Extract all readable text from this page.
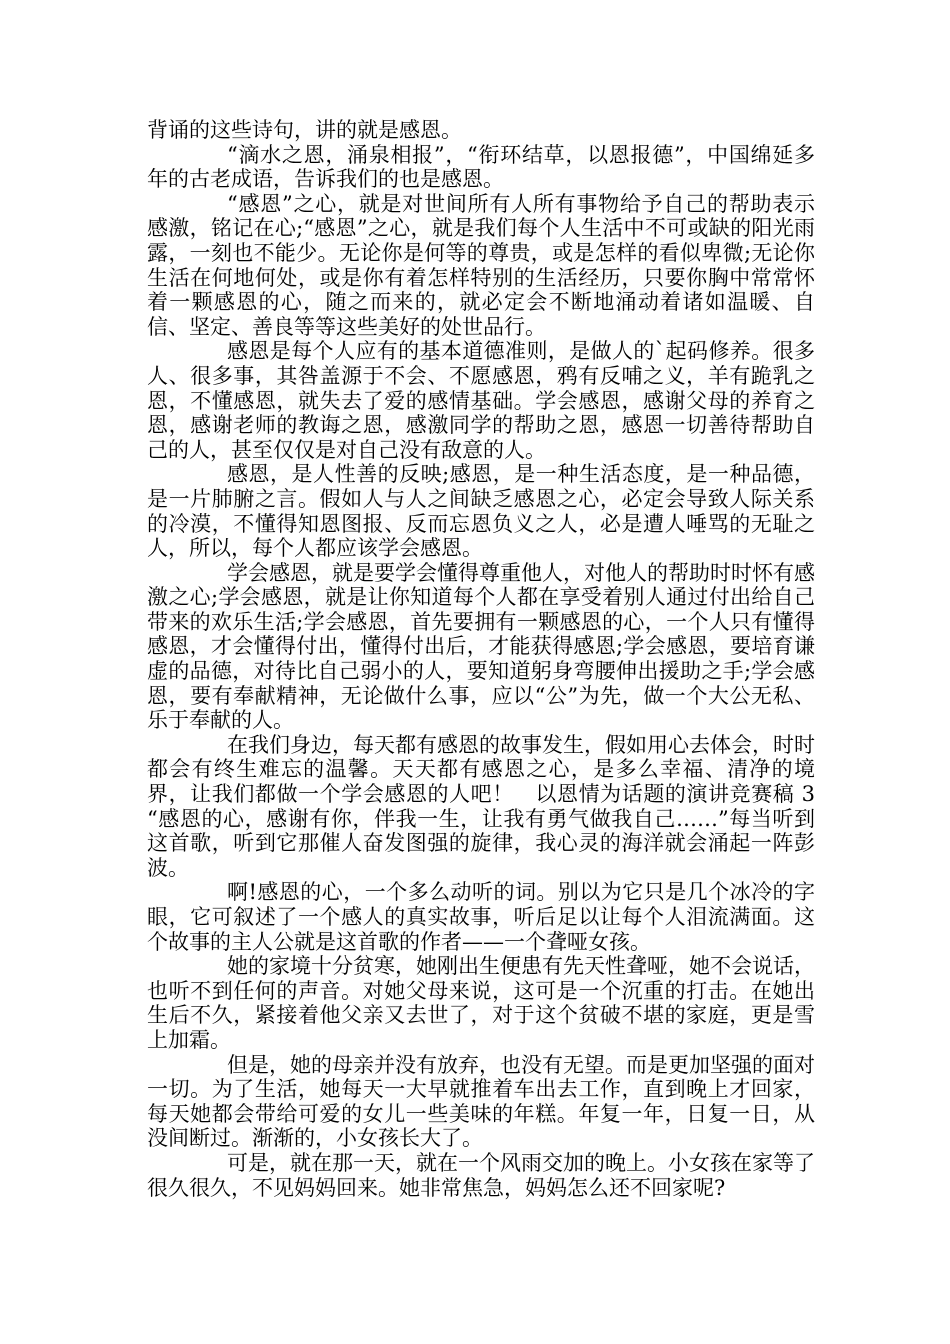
背诵的这些诗句，讲的就是感恩。

“滴水之恩，涌泉相报”，“衔环结草，以恩报德”，中国绵延多年的古老成语，告诉我们的也是感恩。

“感恩”之心，就是对世间所有人所有事物给予自己的帮助表示感激，铭记在心;“感恩”之心，就是我们每个人生活中不可或缺的阳光雨露，一刻也不能少。无论你是何等的尊贵，或是怎样的看似卑微;无论你生活在何地何处，或是你有着怎样特别的生活经历，只要你胸中常常怀着一颗感恩的心，随之而来的，就必定会不断地涌动着诸如温暖、自信、坚定、善良等等这些美好的处世品行。

感恩是每个人应有的基本道德准则，是做人的`起码修养。很多人、很多事，其咎盖源于不会、不愿感恩，鸦有反哺之义，羊有跪乳之恩，不懂感恩，就失去了爱的感情基础。学会感恩，感谢父母的养育之恩，感谢老师的教诲之恩，感激同学的帮助之恩，感恩一切善待帮助自己的人，甚至仅仅是对自己没有敌意的人。

感恩，是人性善的反映;感恩，是一种生活态度，是一种品德，是一片肺腑之言。假如人与人之间缺乏感恩之心，必定会导致人际关系的冷漠，不懂得知恩图报、反而忘恩负义之人，必是遭人唾骂的无耻之人，所以，每个人都应该学会感恩。

学会感恩，就是要学会懂得尊重他人，对他人的帮助时时怀有感激之心;学会感恩，就是让你知道每个人都在享受着别人通过付出给自己带来的欢乐生活;学会感恩，首先要拥有一颗感恩的心，一个人只有懂得感恩，才会懂得付出，懂得付出后，才能获得感恩;学会感恩，要培育谦虚的品德，对待比自己弱小的人，要知道躬身弯腰伸出援助之手;学会感恩，要有奉献精神，无论做什么事，应以“公”为先，做一个大公无私、乐于奉献的人。

在我们身边，每天都有感恩的故事发生，假如用心去体会，时时都会有终生难忘的温馨。天天都有感恩之心，是多么幸福、清净的境界，让我们都做一个学会感恩的人吧！　以恩情为话题的演讲竞赛稿 3　 “感恩的心，感谢有你，伴我一生，让我有勇气做我自己……”每当听到这首歌，听到它那催人奋发图强的旋律，我心灵的海洋就会涌起一阵彭波。

啊!感恩的心，一个多么动听的词。别以为它只是几个冰冷的字眼，它可叙述了一个感人的真实故事，听后足以让每个人泪流满面。这个故事的主人公就是这首歌的作者——一个聋哑女孩。

她的家境十分贫寒，她刚出生便患有先天性聋哑，她不会说话，也听不到任何的声音。对她父母来说，这可是一个沉重的打击。在她出生后不久，紧接着他父亲又去世了，对于这个贫破不堪的家庭，更是雪上加霜。

但是，她的母亲并没有放弃，也没有无望。而是更加坚强的面对一切。为了生活，她每天一大早就推着车出去工作，直到晚上才回家，每天她都会带给可爱的女儿一些美味的年糕。年复一年，日复一日，从没间断过。渐渐的，小女孩长大了。

可是，就在那一天，就在一个风雨交加的晚上。小女孩在家等了很久很久，不见妈妈回来。她非常焦急，妈妈怎么还不回家呢?
